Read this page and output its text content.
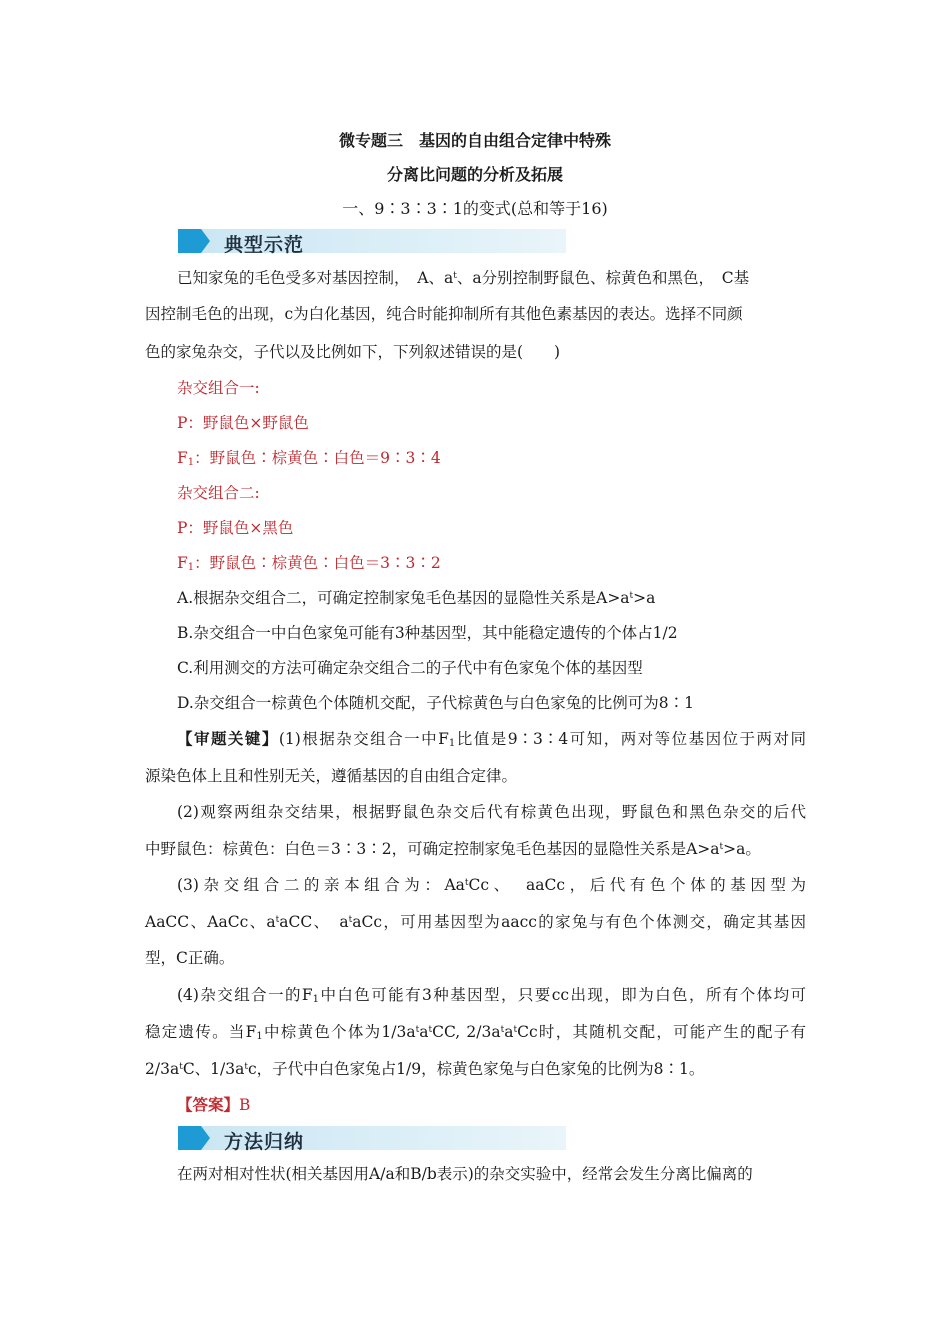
微专题三　基因的自由组合定律中特殊
分离比问题的分析及拓展
一、9∶3∶3∶1的变式(总和等于16)
典型示范
已知家兔的毛色受多对基因控制，　A、$a^t$、a分别控制野鼠色、棕黄色和黑色，　C基
因控制毛色的出现，c为白化基因，纯合时能抑制所有其他色素基因的表达。选择不同颜
色的家兔杂交，子代以及比例如下，下列叙述错误的是(　　)
杂交组合一:
P：野鼠色×野鼠色
$F_1$：野鼠色∶棕黄色∶白色＝9∶3∶4
杂交组合二:
P：野鼠色×黑色
$F_1$：野鼠色∶棕黄色∶白色＝3∶3∶2
A.根据杂交组合二，可确定控制家兔毛色基因的显隐性关系是$A>a^t>a$
B.杂交组合一中白色家兔可能有3种基因型，其中能稳定遗传的个体占1/2
C.利用测交的方法可确定杂交组合二的子代中有色家兔个体的基因型
D.杂交组合一棕黄色个体随机交配，子代棕黄色与白色家兔的比例可为8∶1
【审题关键】(1)根据杂交组合一中$F_1$比值是9∶3∶4可知，两对等位基因位于两对同
源染色体上且和性别无关，遵循基因的自由组合定律。
(2)观察两组杂交结果，根据野鼠色杂交后代有棕黄色出现，野鼠色和黑色杂交的后代
中野鼠色：棕黄色：白色＝3∶3∶2，可确定控制家兔毛色基因的显隐性关系是$A>a^t>a$。
(3)杂交组合二的亲本组合为：Aa$^t$Cc、　aaCc，后代有色个体的基因型为
AaCC、AaCc、$a^taCC$、　$a^taCc$，可用基因型为aacc的家兔与有色个体测交，确定其基因
型，C正确。
(4)杂交组合一的$F_1$中白色可能有3种基因型，只要cc出现，即为白色，所有个体均可
稳定遗传。当$F_1$中棕黄色个体为$1/3a^ta^tCC$, $2/3a^ta^tCc$时，其随机交配，可能产生的配子有
$2/3a^tC$、$1/3a^tc$，子代中白色家兔占1/9，棕黄色家兔与白色家兔的比例为8∶1。
【答案】B
方法归纳
在两对相对性状(相关基因用A/a和B/b表示)的杂交实验中，经常会发生分离比偏离的
